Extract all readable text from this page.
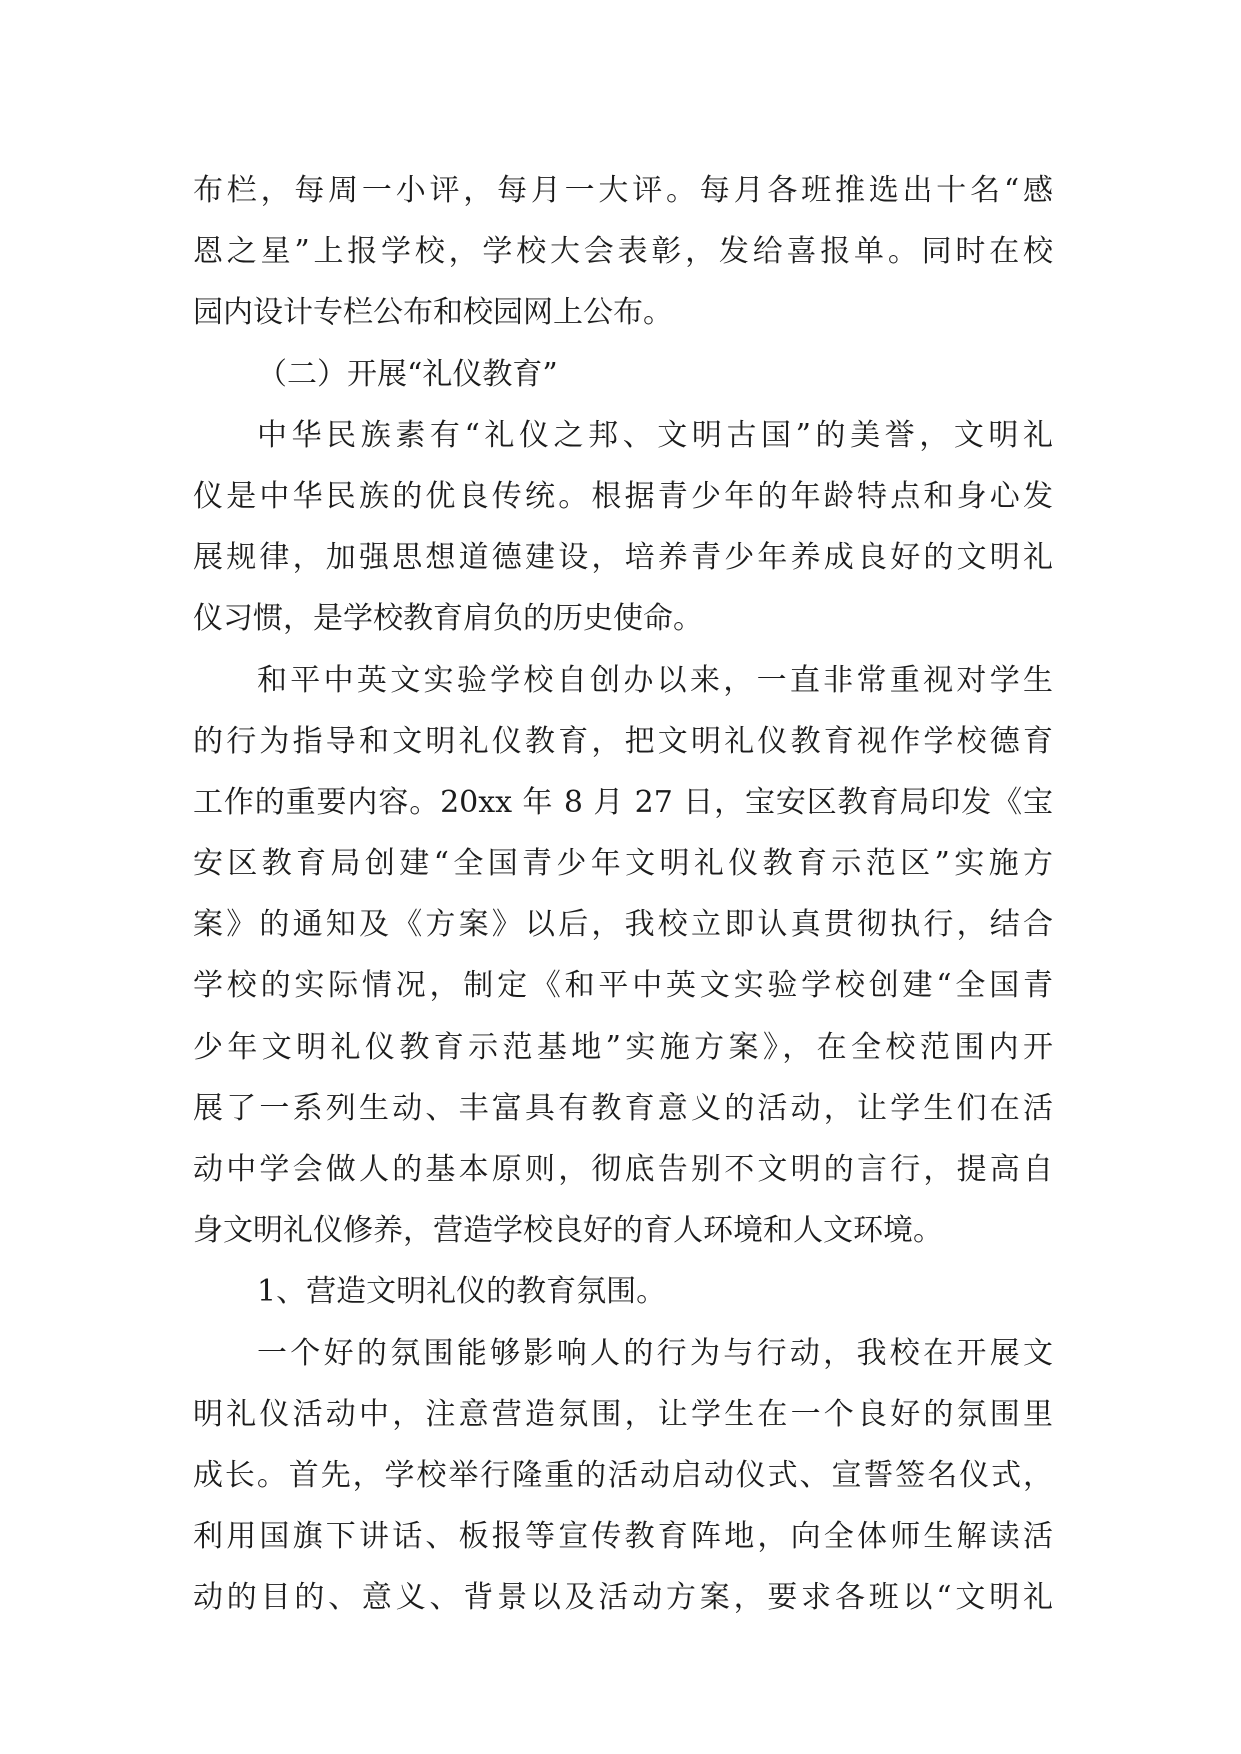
布栏，每周一小评，每月一大评。每月各班推选出十名“感
恩之星”上报学校，学校大会表彰，发给喜报单。同时在校
园内设计专栏公布和校园网上公布。
（二）开展“礼仪教育”
中华民族素有“礼仪之邦、文明古国”的美誉，文明礼
仪是中华民族的优良传统。根据青少年的年龄特点和身心发
展规律，加强思想道德建设，培养青少年养成良好的文明礼
仪习惯，是学校教育肩负的历史使命。
和平中英文实验学校自创办以来，一直非常重视对学生
的行为指导和文明礼仪教育，把文明礼仪教育视作学校德育
工作的重要内容。20xx 年 8 月 27 日，宝安区教育局印发《宝
安区教育局创建“全国青少年文明礼仪教育示范区”实施方
案》的通知及《方案》以后，我校立即认真贯彻执行，结合
学校的实际情况，制定《和平中英文实验学校创建“全国青
少年文明礼仪教育示范基地”实施方案》，在全校范围内开
展了一系列生动、丰富具有教育意义的活动，让学生们在活
动中学会做人的基本原则，彻底告别不文明的言行，提高自
身文明礼仪修养，营造学校良好的育人环境和人文环境。
1、营造文明礼仪的教育氛围。
一个好的氛围能够影响人的行为与行动，我校在开展文
明礼仪活动中，注意营造氛围，让学生在一个良好的氛围里
成长。首先，学校举行隆重的活动启动仪式、宣誓签名仪式，
利用国旗下讲话、板报等宣传教育阵地，向全体师生解读活
动的目的、意义、背景以及活动方案，要求各班以“文明礼
